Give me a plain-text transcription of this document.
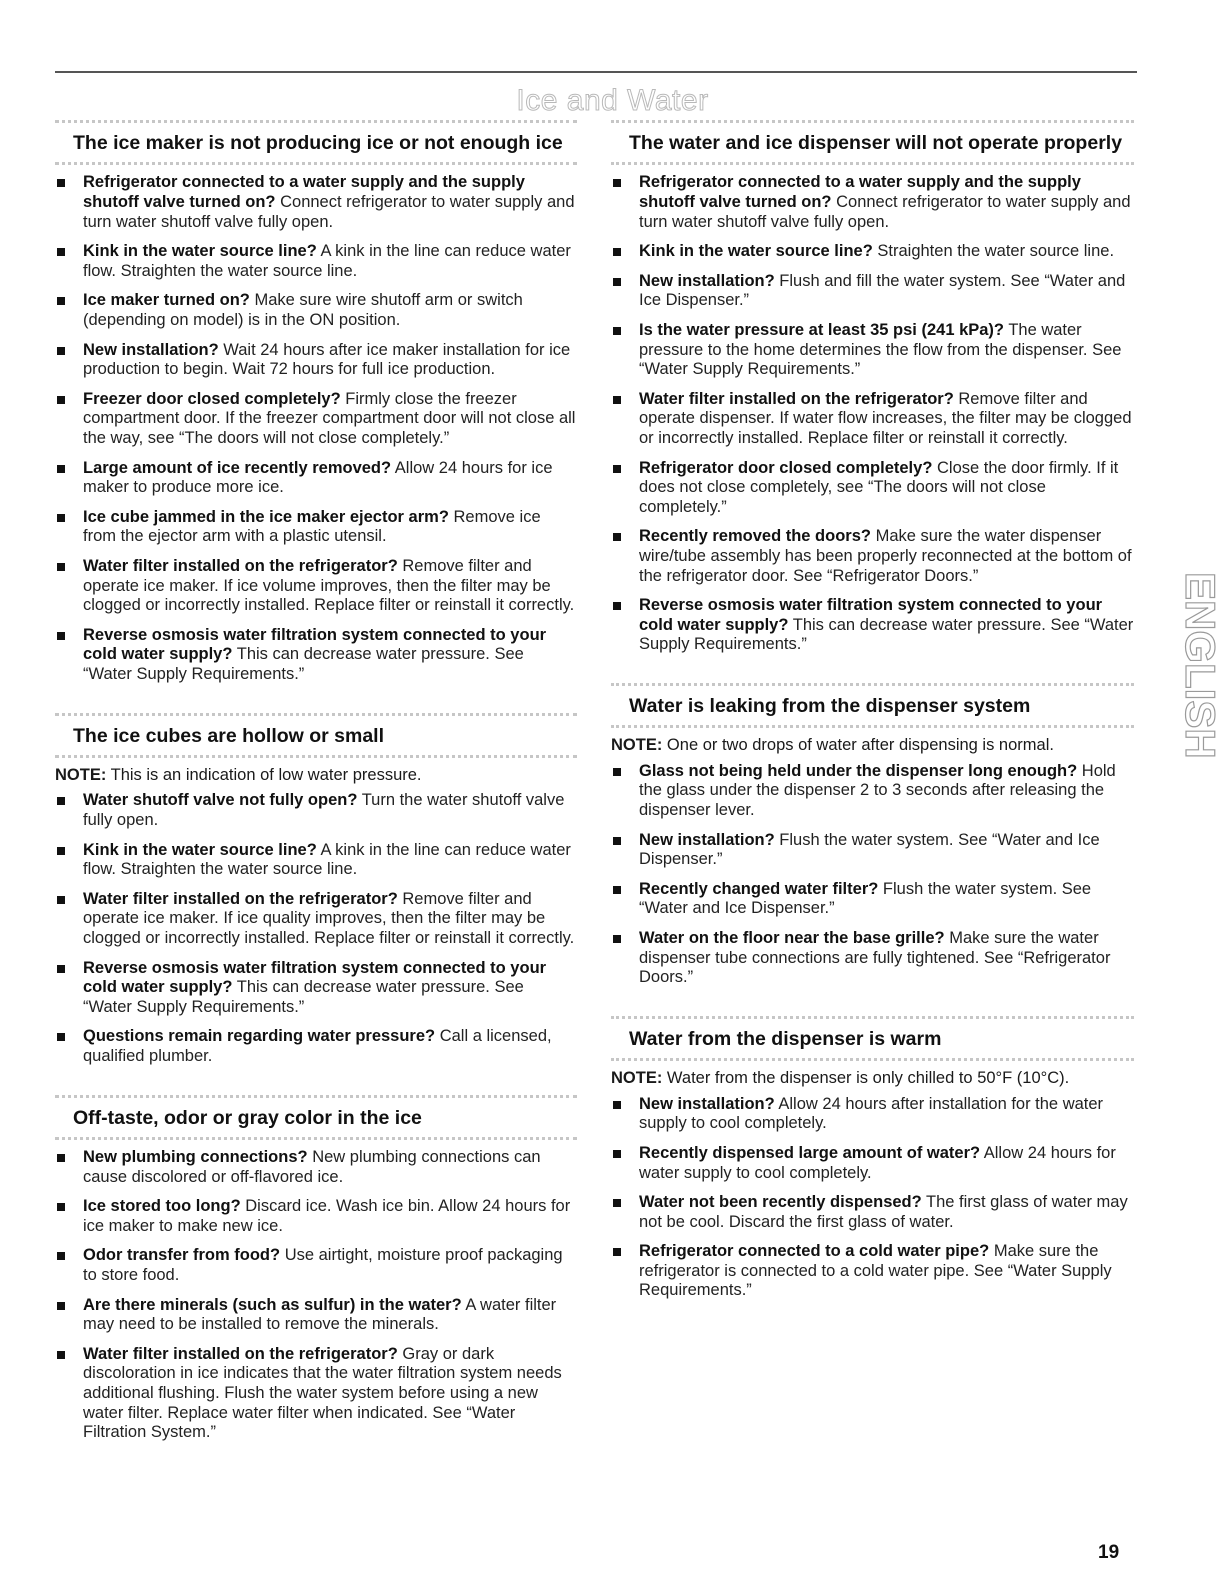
Ice and Water
The ice maker is not producing ice or not enough ice
Refrigerator connected to a water supply and the supply shutoff valve turned on? Connect refrigerator to water supply and turn water shutoff valve fully open.
Kink in the water source line? A kink in the line can reduce water flow. Straighten the water source line.
Ice maker turned on? Make sure wire shutoff arm or switch (depending on model) is in the ON position.
New installation? Wait 24 hours after ice maker installation for ice production to begin. Wait 72 hours for full ice production.
Freezer door closed completely? Firmly close the freezer compartment door. If the freezer compartment door will not close all the way, see “The doors will not close completely.”
Large amount of ice recently removed? Allow 24 hours for ice maker to produce more ice.
Ice cube jammed in the ice maker ejector arm? Remove ice from the ejector arm with a plastic utensil.
Water filter installed on the refrigerator? Remove filter and operate ice maker. If ice volume improves, then the filter may be clogged or incorrectly installed. Replace filter or reinstall it correctly.
Reverse osmosis water filtration system connected to your cold water supply? This can decrease water pressure. See “Water Supply Requirements.”
The ice cubes are hollow or small
NOTE: This is an indication of low water pressure.
Water shutoff valve not fully open? Turn the water shutoff valve fully open.
Kink in the water source line? A kink in the line can reduce water flow. Straighten the water source line.
Water filter installed on the refrigerator? Remove filter and operate ice maker. If ice quality improves, then the filter may be clogged or incorrectly installed. Replace filter or reinstall it correctly.
Reverse osmosis water filtration system connected to your cold water supply? This can decrease water pressure. See “Water Supply Requirements.”
Questions remain regarding water pressure? Call a licensed, qualified plumber.
Off-taste, odor or gray color in the ice
New plumbing connections? New plumbing connections can cause discolored or off-flavored ice.
Ice stored too long? Discard ice. Wash ice bin. Allow 24 hours for ice maker to make new ice.
Odor transfer from food? Use airtight, moisture proof packaging to store food.
Are there minerals (such as sulfur) in the water? A water filter may need to be installed to remove the minerals.
Water filter installed on the refrigerator? Gray or dark discoloration in ice indicates that the water filtration system needs additional flushing. Flush the water system before using a new water filter. Replace water filter when indicated. See “Water Filtration System.”
The water and ice dispenser will not operate properly
Refrigerator connected to a water supply and the supply shutoff valve turned on? Connect refrigerator to water supply and turn water shutoff valve fully open.
Kink in the water source line? Straighten the water source line.
New installation? Flush and fill the water system. See “Water and Ice Dispenser.”
Is the water pressure at least 35 psi (241 kPa)? The water pressure to the home determines the flow from the dispenser. See “Water Supply Requirements.”
Water filter installed on the refrigerator? Remove filter and operate dispenser. If water flow increases, the filter may be clogged or incorrectly installed. Replace filter or reinstall it correctly.
Refrigerator door closed completely? Close the door firmly. If it does not close completely, see “The doors will not close completely.”
Recently removed the doors? Make sure the water dispenser wire/tube assembly has been properly reconnected at the bottom of the refrigerator door. See “Refrigerator Doors.”
Reverse osmosis water filtration system connected to your cold water supply? This can decrease water pressure. See “Water Supply Requirements.”
Water is leaking from the dispenser system
NOTE: One or two drops of water after dispensing is normal.
Glass not being held under the dispenser long enough? Hold the glass under the dispenser 2 to 3 seconds after releasing the dispenser lever.
New installation? Flush the water system. See “Water and Ice Dispenser.”
Recently changed water filter? Flush the water system. See “Water and Ice Dispenser.”
Water on the floor near the base grille? Make sure the water dispenser tube connections are fully tightened. See “Refrigerator Doors.”
Water from the dispenser is warm
NOTE: Water from the dispenser is only chilled to 50°F (10°C).
New installation? Allow 24 hours after installation for the water supply to cool completely.
Recently dispensed large amount of water? Allow 24 hours for water supply to cool completely.
Water not been recently dispensed? The first glass of water may not be cool. Discard the first glass of water.
Refrigerator connected to a cold water pipe? Make sure the refrigerator is connected to a cold water pipe. See “Water Supply Requirements.”
ENGLISH
19
